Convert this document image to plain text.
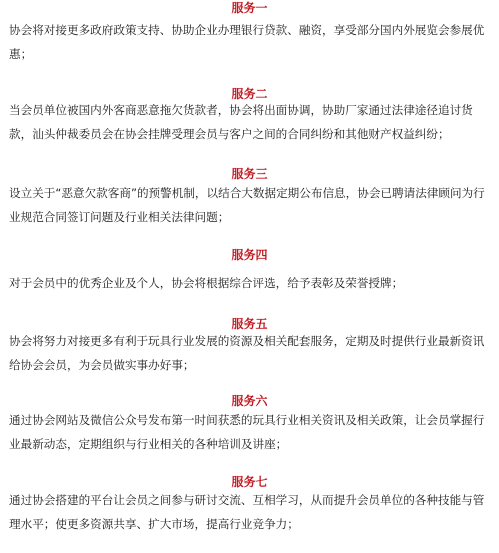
服务一
协会将对接更多政府政策支持、协助企业办理银行贷款、融资，享受部分国内外展览会参展优惠；
服务二
当会员单位被国内外客商恶意拖欠货款者，协会将出面协调，协助厂家通过法律途径追讨货款，汕头仲裁委员会在协会挂牌受理会员与客户之间的合同纠纷和其他财产权益纠纷；
服务三
设立关于“恶意欠款客商”的预警机制，以结合大数据定期公布信息，协会已聘请法律顾问为行业规范合同签订问题及行业相关法律问题；
服务四
对于会员中的优秀企业及个人，协会将根据综合评选，给予表彰及荣誉授牌；
服务五
协会将努力对接更多有利于玩具行业发展的资源及相关配套服务，定期及时提供行业最新资讯给协会会员，为会员做实事办好事；
服务六
通过协会网站及微信公众号发布第一时间获悉的玩具行业相关资讯及相关政策，让会员掌握行业最新动态，定期组织与行业相关的各种培训及讲座；
服务七
通过协会搭建的平台让会员之间参与研讨交流、互相学习，从而提升会员单位的各种技能与管理水平；使更多资源共享、扩大市场，提高行业竞争力；
